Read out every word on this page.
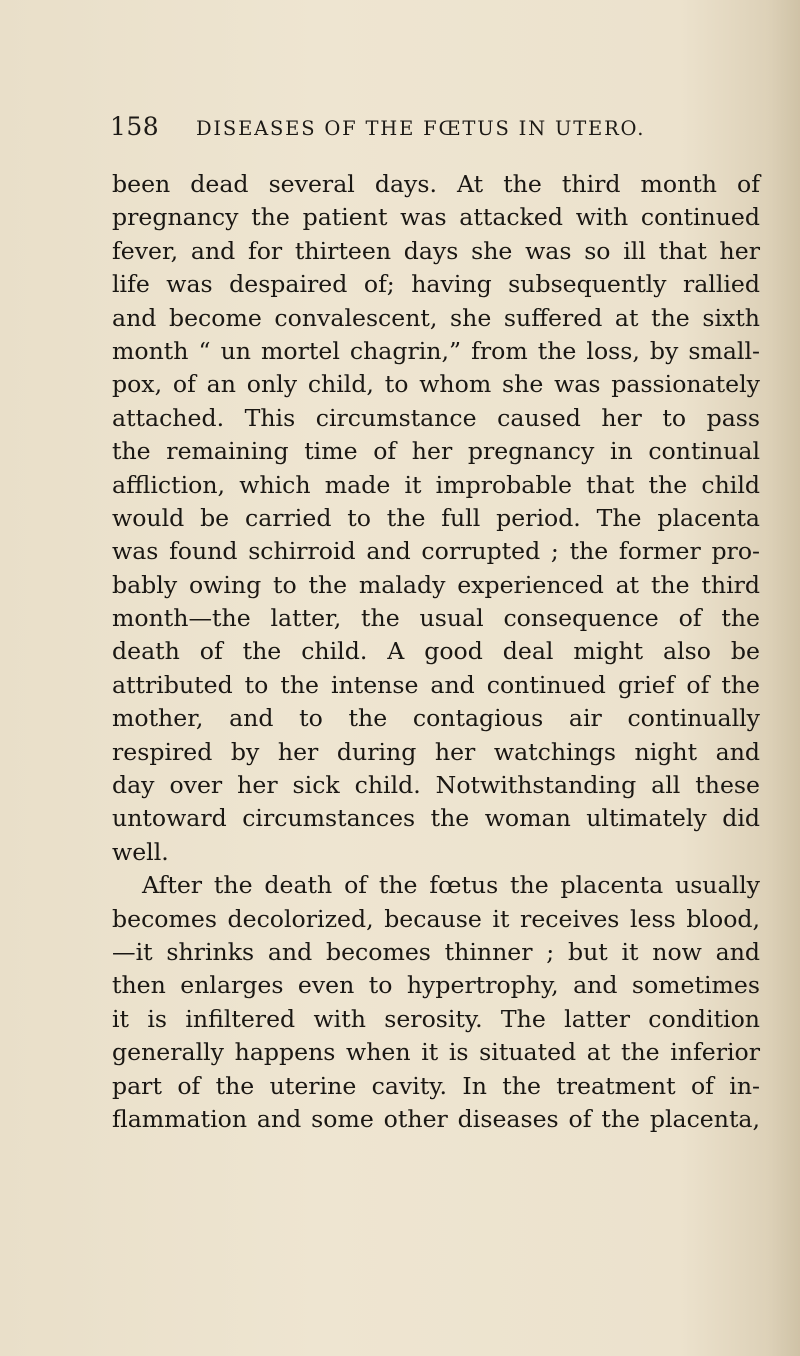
158 DISEASES OF THE FŒTUS IN UTERO.
been dead several days. At the third month of
pregnancy the patient was attacked with continued
fever, and for thirteen days she was so ill that her
life was despaired of; having subsequently rallied
and become convalescent, she suffered at the sixth
month “ un mortel chagrin,” from the loss, by small-
pox, of an only child, to whom she was passionately
attached. This circumstance caused her to pass
the remaining time of her pregnancy in continual
affliction, which made it improbable that the child
would be carried to the full period. The placenta
was found schirroid and corrupted ; the former pro-
bably owing to the malady experienced at the third
month—the latter, the usual consequence of the
death of the child. A good deal might also be
attributed to the intense and continued grief of the
mother, and to the contagious air continually
respired by her during her watchings night and
day over her sick child. Notwithstanding all these
untoward circumstances the woman ultimately did
well.
After the death of the fœtus the placenta usually
becomes decolorized, because it receives less blood,
—it shrinks and becomes thinner ; but it now and
then enlarges even to hypertrophy, and sometimes
it is infiltered with serosity. The latter condition
generally happens when it is situated at the inferior
part of the uterine cavity. In the treatment of in-
flammation and some other diseases of the placenta,
